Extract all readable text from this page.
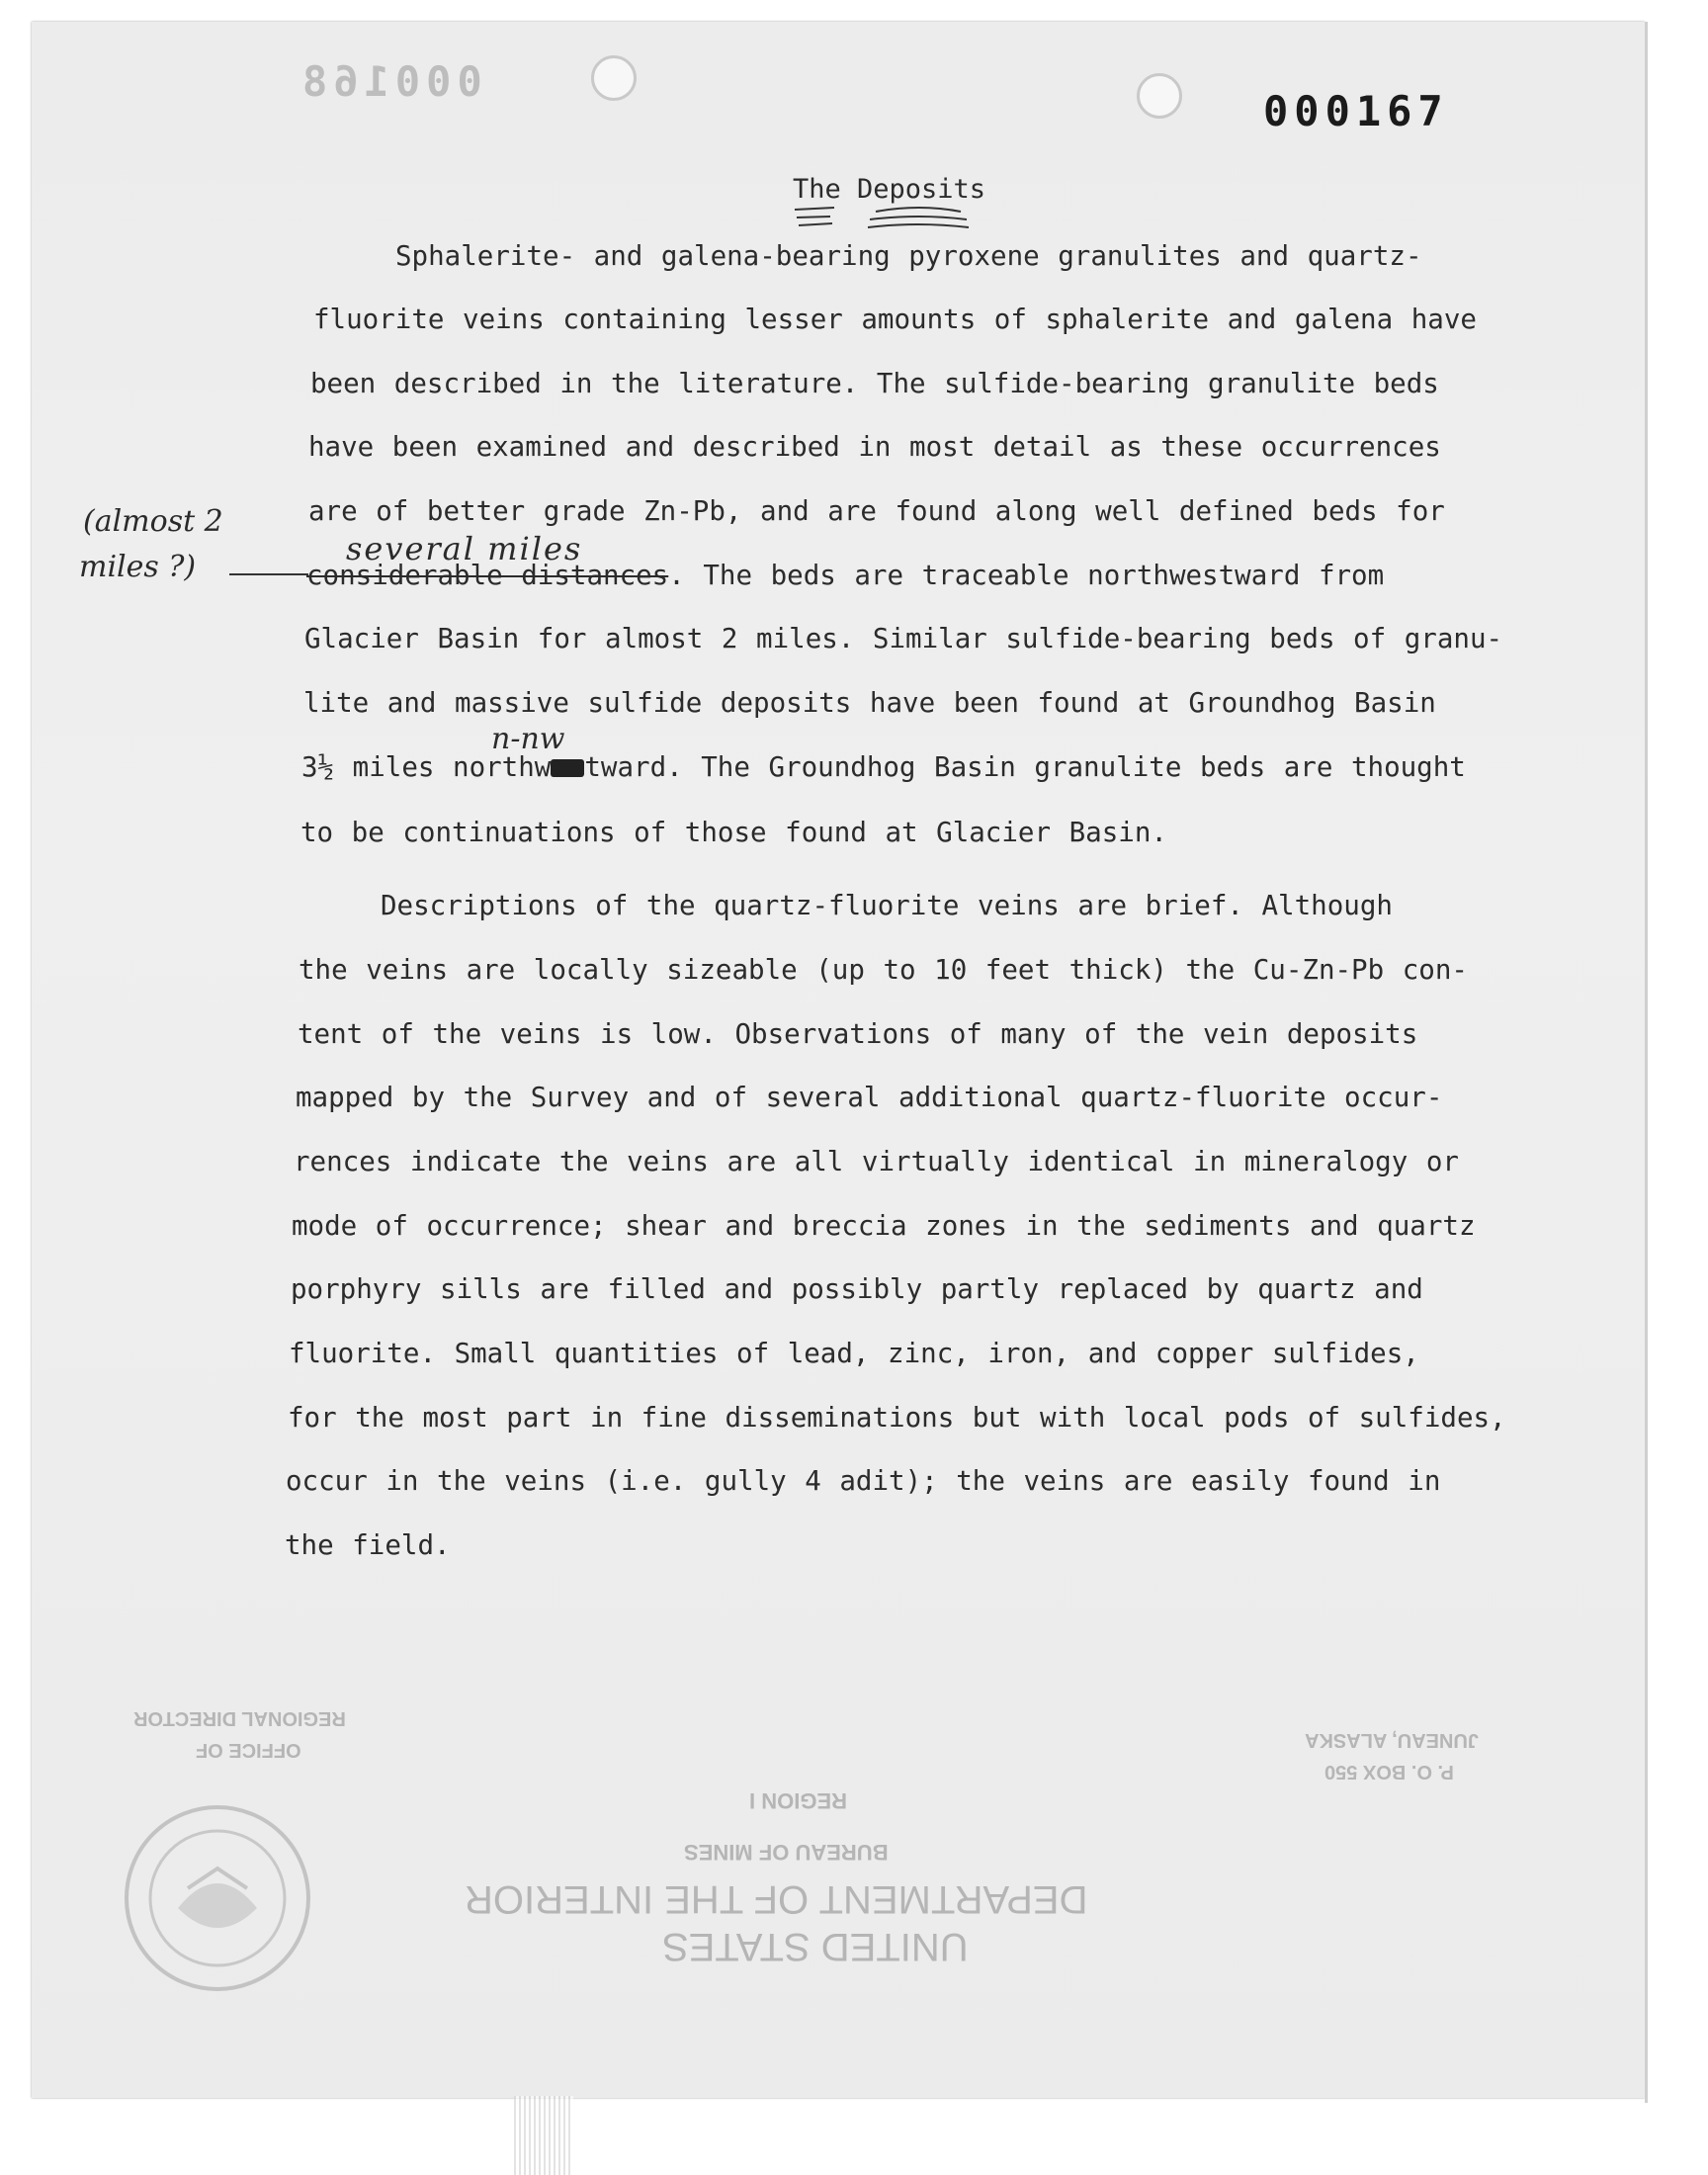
000168
000167
The Deposits
Sphalerite- and galena-bearing pyroxene granulites and quartz-
fluorite veins containing lesser amounts of sphalerite and galena have
been described in the literature. The sulfide-bearing granulite beds
have been examined and described in most detail as these occurrences
are of better grade Zn-Pb, and are found along well defined beds for
considerable distances. The beds are traceable northwestward from
Glacier Basin for almost 2 miles. Similar sulfide-bearing beds of granu-
lite and massive sulfide deposits have been found at Groundhog Basin
3½ miles northw tward. The Groundhog Basin granulite beds are thought
to be continuations of those found at Glacier Basin.
Descriptions of the quartz-fluorite veins are brief. Although
the veins are locally sizeable (up to 10 feet thick) the Cu-Zn-Pb con-
tent of the veins is low. Observations of many of the vein deposits
mapped by the Survey and of several additional quartz-fluorite occur-
rences indicate the veins are all virtually identical in mineralogy or
mode of occurrence; shear and breccia zones in the sediments and quartz
porphyry sills are filled and possibly partly replaced by quartz and
fluorite. Small quantities of lead, zinc, iron, and copper sulfides,
for the most part in fine disseminations but with local pods of sulfides,
occur in the veins (i.e. gully 4 adit); the veins are easily found in
the field.
(almost 2
miles ?)	several miles
n-nw
REGIONAL DIRECTOR
OFFICE OF	JUNEAU, ALASKA
P. O. BOX 550
REGION I
BUREAU OF MINES
DEPARTMENT OF THE INTERIOR
UNITED STATES
